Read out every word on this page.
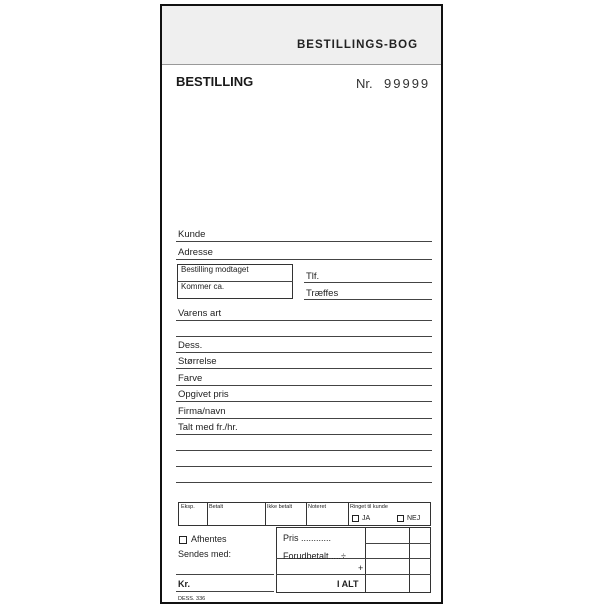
BESTILLINGS-BOG
BESTILLING	Nr. 99999
Kunde
Adresse
Bestilling modtaget
Kommer ca.
Tlf.
Træffes
Varens art
Dess.
Størrelse
Farve
Opgivet pris
Firma/navn
Talt med fr./hr.
Eksp.	Betalt	Ikke betalt	Noteret	Ringet til kunde
JA	NEJ
Afhentes
Sendes med:
Kr.
DESS. 336
Pris ............
Forudbetalt.....÷
+
I ALT
